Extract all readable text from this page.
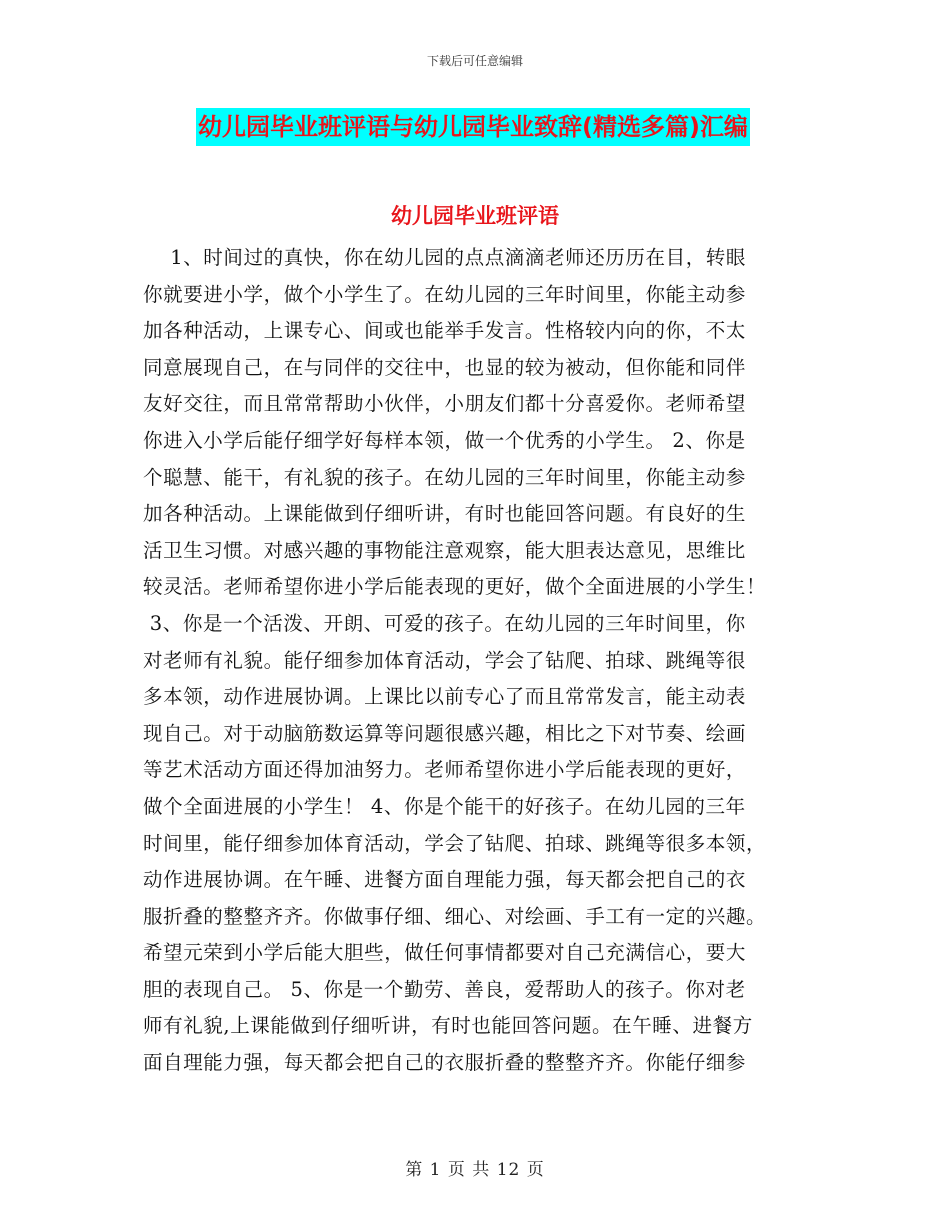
下载后可任意编辑
幼儿园毕业班评语与幼儿园毕业致辞(精选多篇)汇编
幼儿园毕业班评语
1、时间过的真快，你在幼儿园的点点滴滴老师还历历在目，转眼
你就要进小学，做个小学生了。在幼儿园的三年时间里，你能主动参
加各种活动，上课专心、间或也能举手发言。性格较内向的你，不太
同意展现自己，在与同伴的交往中，也显的较为被动，但你能和同伴
友好交往，而且常常帮助小伙伴，小朋友们都十分喜爱你。老师希望
你进入小学后能仔细学好每样本领，做一个优秀的小学生。 2、你是
个聪慧、能干，有礼貌的孩子。在幼儿园的三年时间里，你能主动参
加各种活动。上课能做到仔细听讲，有时也能回答问题。有良好的生
活卫生习惯。对感兴趣的事物能注意观察，能大胆表达意见，思维比
较灵活。老师希望你进小学后能表现的更好，做个全面进展的小学生！
3、你是一个活泼、开朗、可爱的孩子。在幼儿园的三年时间里，你
对老师有礼貌。能仔细参加体育活动，学会了钻爬、拍球、跳绳等很
多本领，动作进展协调。上课比以前专心了而且常常发言，能主动表
现自己。对于动脑筋数运算等问题很感兴趣，相比之下对节奏、绘画
等艺术活动方面还得加油努力。老师希望你进小学后能表现的更好，
做个全面进展的小学生！ 4、你是个能干的好孩子。在幼儿园的三年
时间里，能仔细参加体育活动，学会了钻爬、拍球、跳绳等很多本领，
动作进展协调。在午睡、进餐方面自理能力强，每天都会把自己的衣
服折叠的整整齐齐。你做事仔细、细心、对绘画、手工有一定的兴趣。
希望元荣到小学后能大胆些，做任何事情都要对自己充满信心，要大
胆的表现自己。 5、你是一个勤劳、善良，爱帮助人的孩子。你对老
师有礼貌,上课能做到仔细听讲，有时也能回答问题。在午睡、进餐方
面自理能力强，每天都会把自己的衣服折叠的整整齐齐。你能仔细参
第 1 页 共 12 页
